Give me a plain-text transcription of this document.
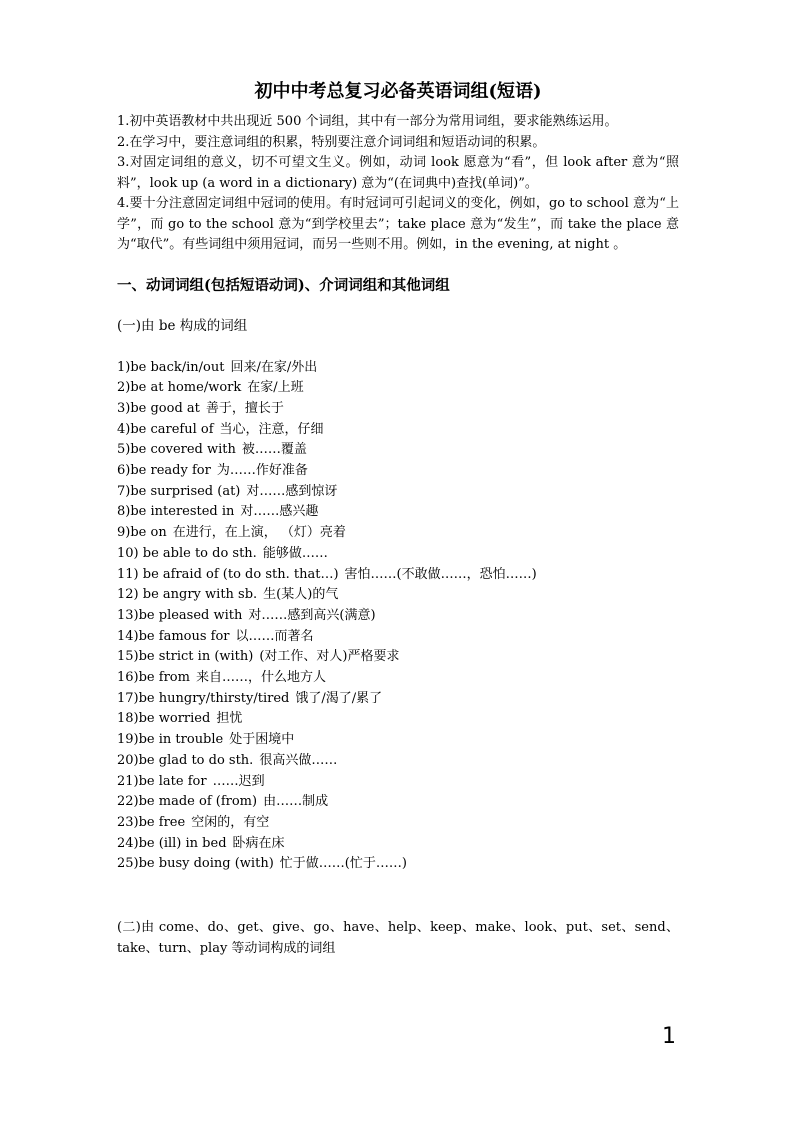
初中中考总复习必备英语词组(短语)

1.初中英语教材中共出现近 500 个词组，其中有一部分为常用词组，要求能熟练运用。

2.在学习中，要注意词组的积累，特别要注意介词词组和短语动词的积累。

3.对固定词组的意义，切不可望文生义。例如，动词 look 愿意为“看”，但 look after 意为“照料”，look up (a word in a dictionary) 意为“(在词典中)查找(单词)”。

4.要十分注意固定词组中冠词的使用。有时冠词可引起词义的变化，例如，go to school 意为“上学”，而 go to the school 意为“到学校里去”；take place 意为“发生”，而 take the place 意为“取代”。有些词组中须用冠词，而另一些则不用。例如，in the evening, at night 。

一、动词词组(包括短语动词)、介词词组和其他词组
(一)由 be 构成的词组
1)be back/in/out 回来/在家/外出
2)be at home/work 在家/上班
3)be good at 善于，擅长于
4)be careful of 当心，注意，仔细
5)be covered with 被……覆盖
6)be ready for 为……作好准备
7)be surprised (at) 对……感到惊讶
8)be interested in 对……感兴趣
9)be on 在进行，在上演， （灯）亮着
10) be able to do sth. 能够做……
11) be afraid of (to do sth. that…) 害怕……(不敢做……，恐怕……)
12) be angry with sb. 生(某人)的气
13)be pleased with 对……感到高兴(满意)
14)be famous for 以……而著名
15)be strict in (with) (对工作、对人)严格要求
16)be from 来自……，什么地方人
17)be hungry/thirsty/tired 饿了/渴了/累了
18)be worried 担忧
19)be in trouble 处于困境中
20)be glad to do sth. 很高兴做……
21)be late for ……迟到
22)be made of (from) 由……制成
23)be free 空闲的，有空
24)be (ill) in bed 卧病在床
25)be busy doing (with) 忙于做……(忙于……)
(二)由 come、do、get、give、go、have、help、keep、make、look、put、set、send、take、turn、play 等动词构成的词组
1
